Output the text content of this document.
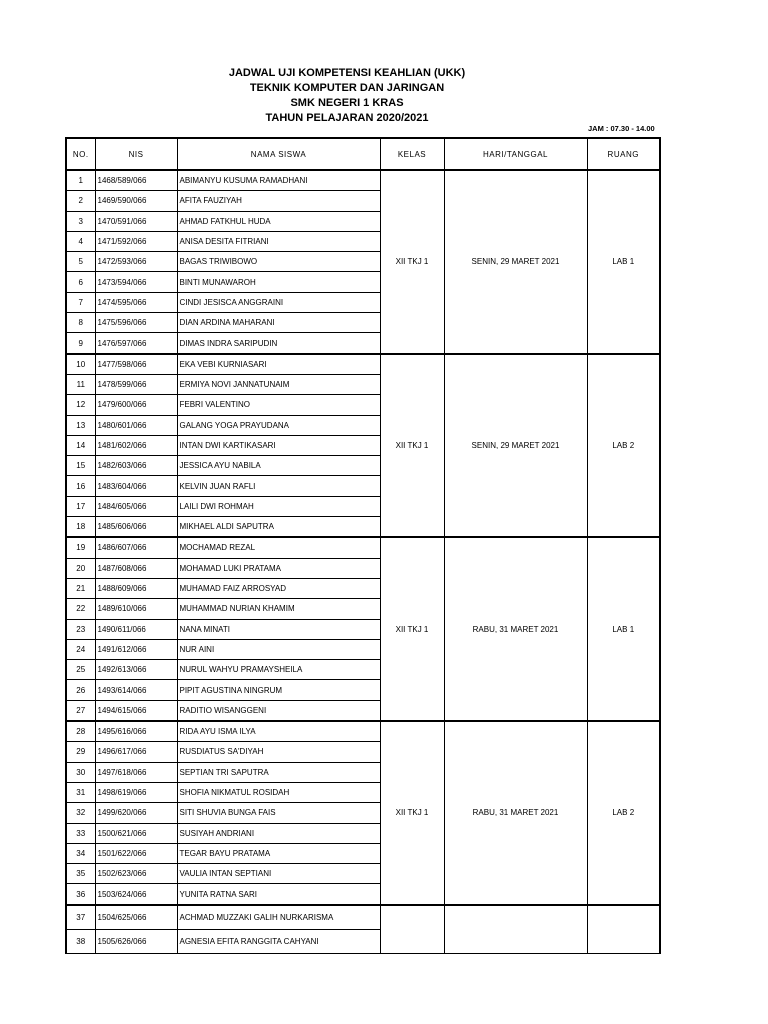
JADWAL UJI KOMPETENSI KEAHLIAN (UKK)
TEKNIK KOMPUTER DAN JARINGAN
SMK NEGERI 1 KRAS
TAHUN PELAJARAN 2020/2021
JAM : 07.30 - 14.00
NO.	NIS	NAMA SISWA	KELAS	HARI/TANGGAL	RUANG
1	1468/589/066	ABIMANYU KUSUMA RAMADHANI	XII TKJ 1	SENIN, 29 MARET 2021	LAB 1
2	1469/590/066	AFITA FAUZIYAH			
3	1470/591/066	AHMAD FATKHUL HUDA			
4	1471/592/066	ANISA DESITA FITRIANI			
5	1472/593/066	BAGAS TRIWIBOWO			
6	1473/594/066	BINTI MUNAWAROH			
7	1474/595/066	CINDI JESISCA ANGGRAINI			
8	1475/596/066	DIAN ARDINA MAHARANI			
9	1476/597/066	DIMAS INDRA SARIPUDIN			
10	1477/598/066	EKA VEBI KURNIASARI	XII TKJ 1	SENIN, 29 MARET 2021	LAB 2
11	1478/599/066	ERMIYA NOVI JANNATUNAIM			
12	1479/600/066	FEBRI VALENTINO			
13	1480/601/066	GALANG YOGA PRAYUDANA			
14	1481/602/066	INTAN DWI KARTIKASARI			
15	1482/603/066	JESSICA AYU NABILA			
16	1483/604/066	KELVIN JUAN RAFLI			
17	1484/605/066	LAILI DWI ROHMAH			
18	1485/606/066	MIKHAEL ALDI SAPUTRA			
19	1486/607/066	MOCHAMAD REZAL	XII TKJ 1	RABU, 31 MARET 2021	LAB 1
20	1487/608/066	MOHAMAD LUKI PRATAMA			
21	1488/609/066	MUHAMAD FAIZ ARROSYAD			
22	1489/610/066	MUHAMMAD NURIAN KHAMIM			
23	1490/611/066	NANA MINATI			
24	1491/612/066	NUR AINI			
25	1492/613/066	NURUL WAHYU PRAMAYSHEILA			
26	1493/614/066	PIPIT AGUSTINA NINGRUM			
27	1494/615/066	RADITIO WISANGGENI			
28	1495/616/066	RIDA AYU ISMA ILYA	XII TKJ 1	RABU, 31 MARET 2021	LAB 2
29	1496/617/066	RUSDIATUS SA'DIYAH			
30	1497/618/066	SEPTIAN TRI SAPUTRA			
31	1498/619/066	SHOFIA NIKMATUL ROSIDAH			
32	1499/620/066	SITI SHUVIA BUNGA FAIS			
33	1500/621/066	SUSIYAH ANDRIANI			
34	1501/622/066	TEGAR BAYU PRATAMA			
35	1502/623/066	VAULIA INTAN SEPTIANI			
36	1503/624/066	YUNITA RATNA SARI			
37	1504/625/066	ACHMAD MUZZAKI GALIH NURKARISMA			
38	1505/626/066	AGNESIA EFITA RANGGITA CAHYANI			
